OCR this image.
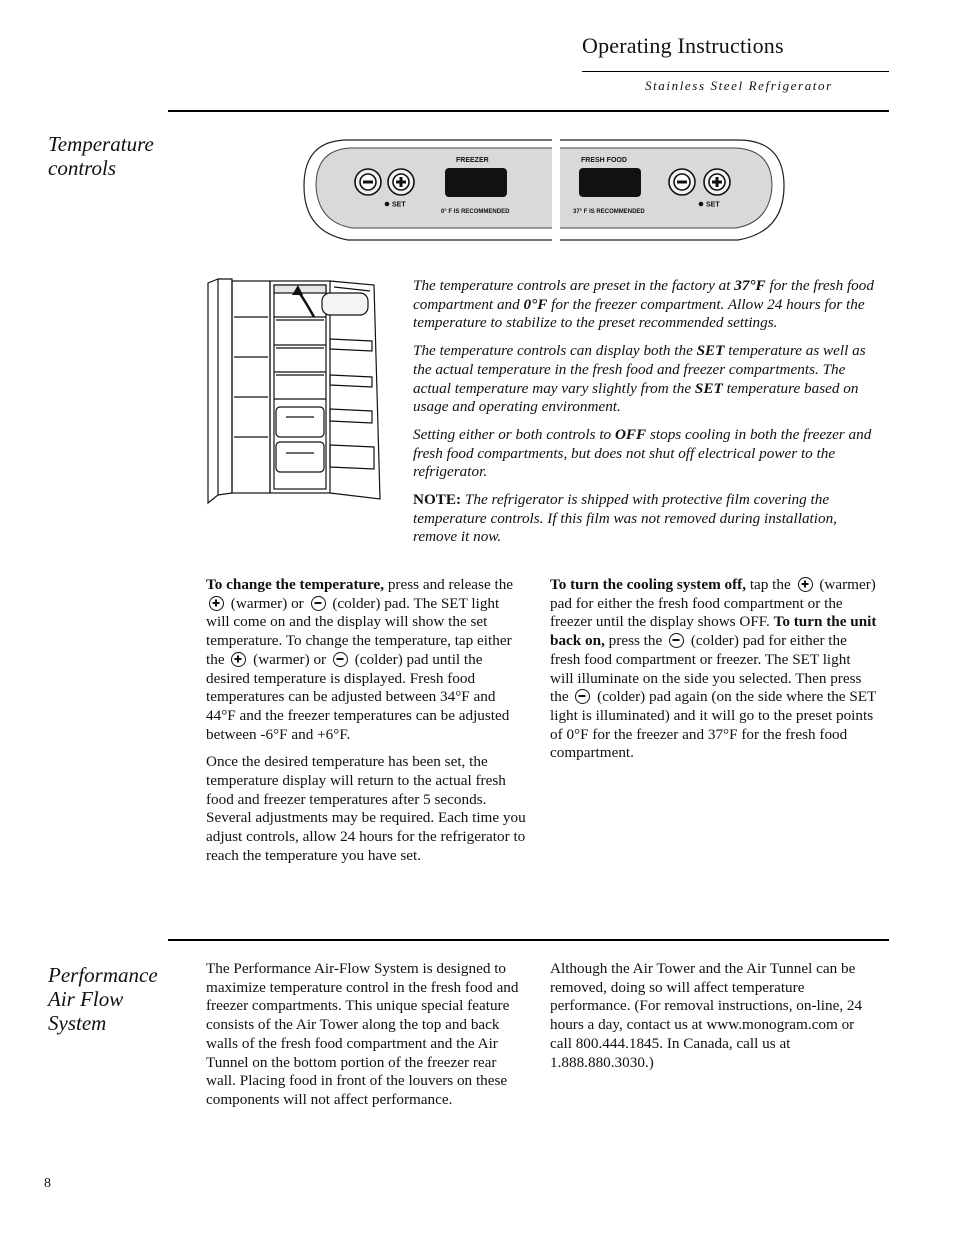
Operating Instructions
Stainless Steel Refrigerator
Temperature
controls	FREEZER
SET
0° F IS RECOMMENDED
FRESH FOOD
SET
37° F IS RECOMMENDED

The temperature controls are preset in the factory at 37°F for the fresh food compartment and 0°F for the freezer compartment. Allow 24 hours for the temperature to stabilize to the preset recommended settings.

The temperature controls can display both the SET temperature as well as the actual temperature in the fresh food and freezer compartments. The actual temperature may vary slightly from the SET temperature based on usage and operating environment.

Setting either or both controls to OFF stops cooling in both the freezer and fresh food compartments, but does not shut off electrical power to the refrigerator.

NOTE: The refrigerator is shipped with protective film covering the temperature controls. If this film was not removed during installation, remove it now.

To change the temperature, press and release the
(warmer) or
(colder) pad. The SET light will come on and the display will show the set temperature. To change the temperature, tap either the
(warmer) or
(colder) pad until the desired temperature is displayed. Fresh food temperatures can be adjusted between 34°F and 44°F and the freezer temperatures can be adjusted between -6°F and +6°F.

Once the desired temperature has been set, the temperature display will return to the actual fresh food and freezer temperatures after 5 seconds. Several adjustments may be required. Each time you adjust controls, allow 24 hours for the refrigerator to reach the temperature you have set.

To turn the cooling system off, tap the
(warmer) pad for either the fresh food compartment or the freezer until the display shows OFF. To turn the unit back on, press the
(colder) pad for either the fresh food compartment or freezer. The SET light will illuminate on the side you selected. Then press the
(colder) pad again (on the side where the SET light is illuminated) and it will go to the preset points of 0°F for the freezer and 37°F for the fresh food compartment.

Performance
Air Flow
System

The Performance Air-Flow System is designed to maximize temperature control in the fresh food and freezer compartments. This unique special feature consists of the Air Tower along the top and back walls of the fresh food compartment and the Air Tunnel on the bottom portion of the freezer rear wall. Placing food in front of the louvers on these components will not affect performance.

Although the Air Tower and the Air Tunnel can be removed, doing so will affect temperature performance. (For removal instructions, on-line, 24 hours a day, contact us at www.monogram.com or call 800.444.1845. In Canada, call us at 1.888.880.3030.)

8
